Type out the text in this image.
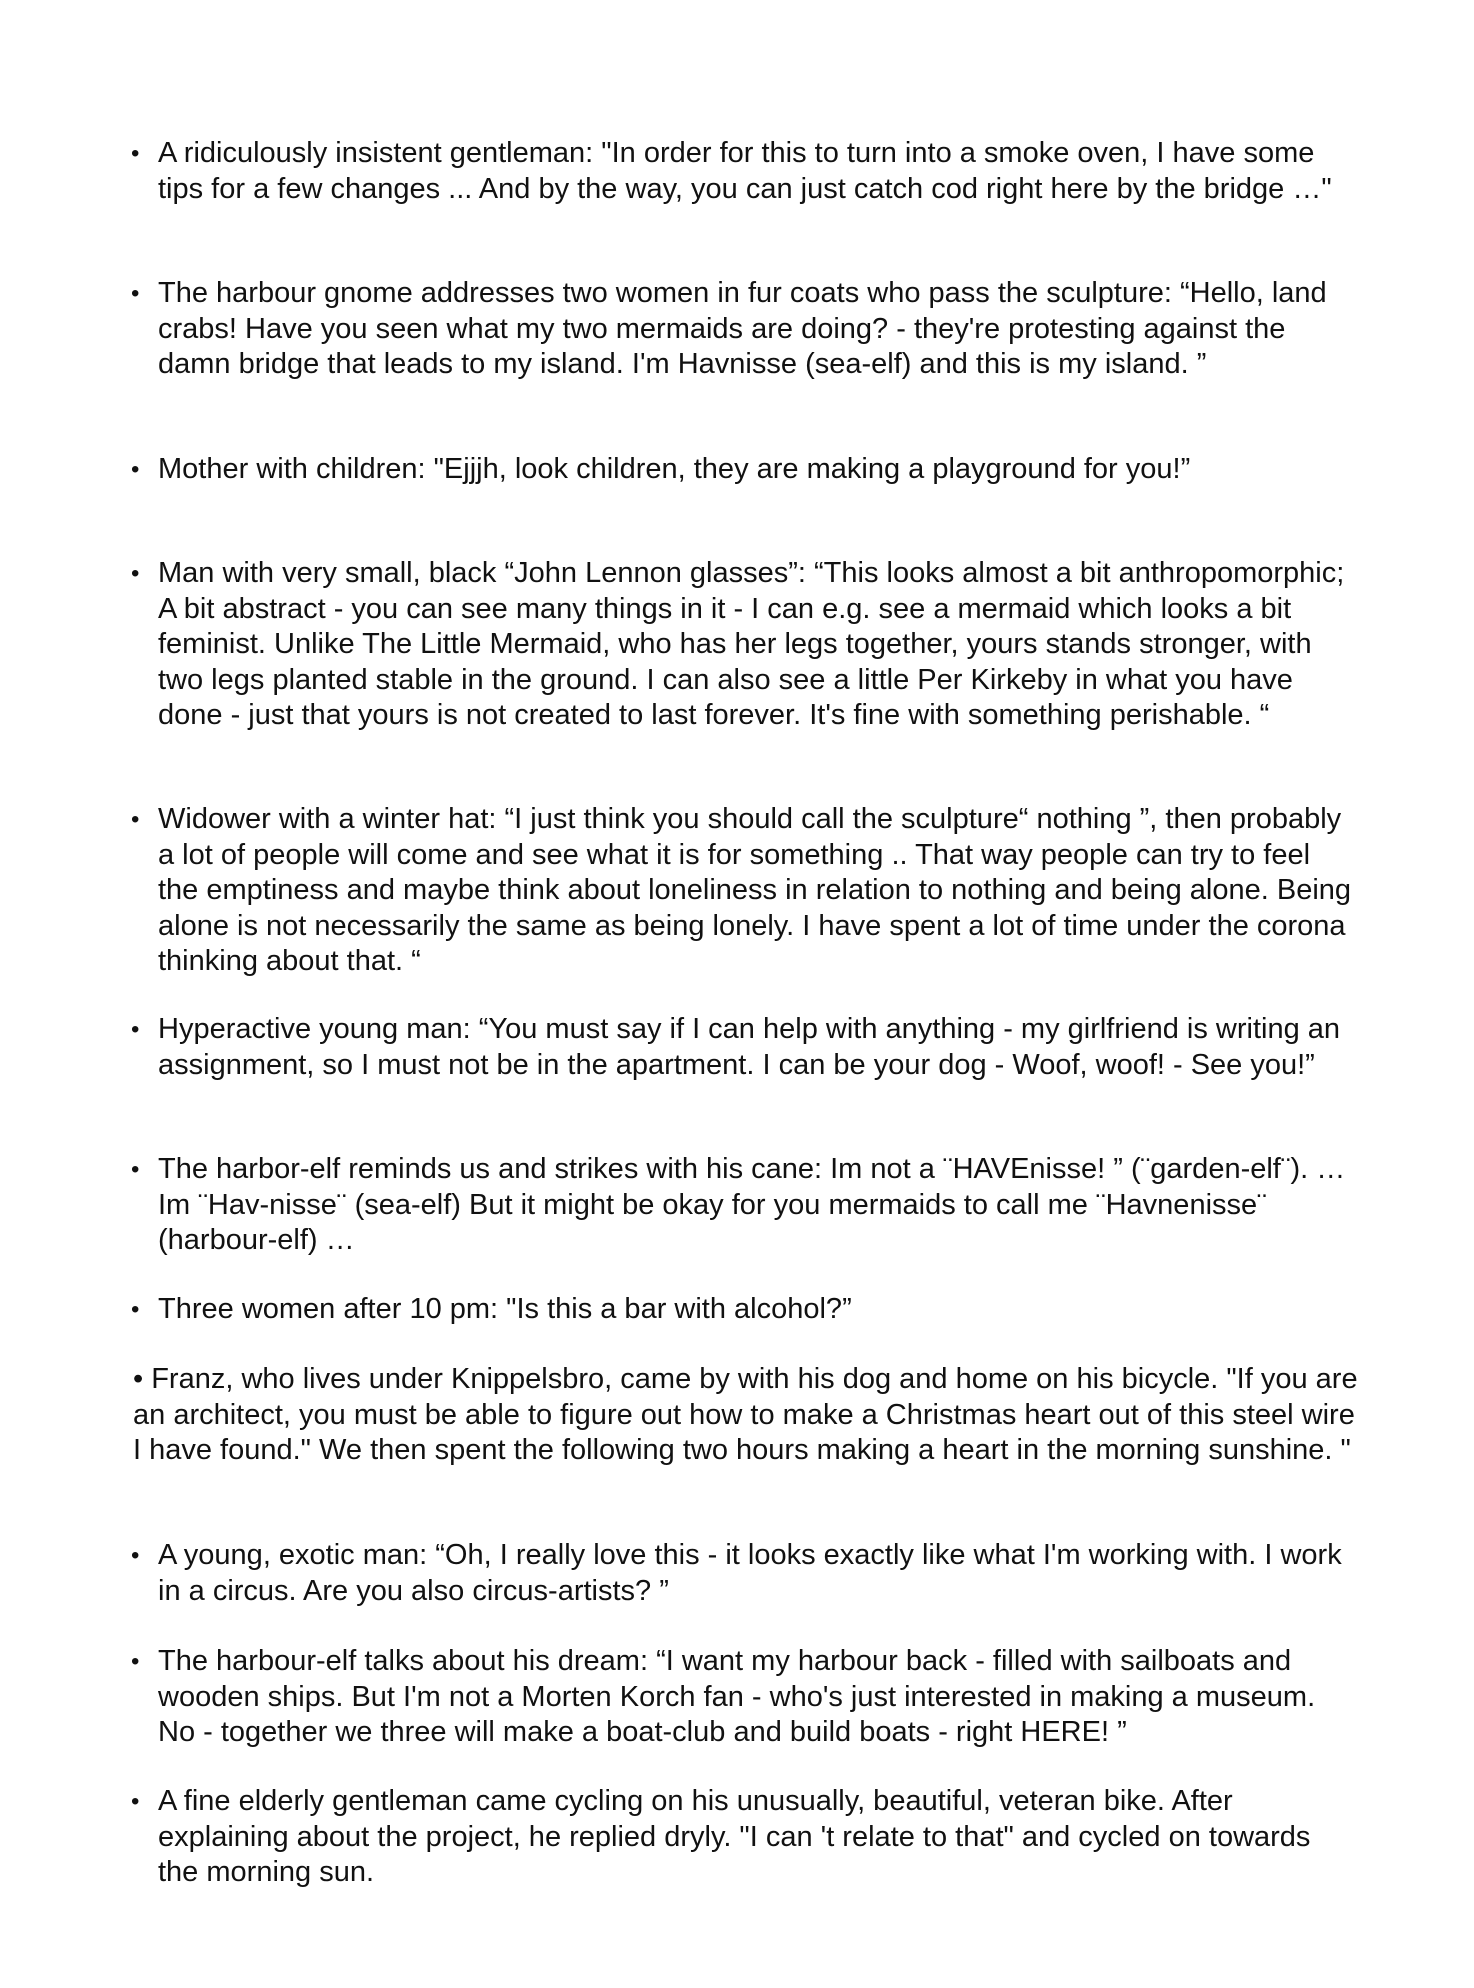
• A ridiculously insistent gentleman: "In order for this to turn into a smoke oven, I have some tips for a few changes ... And by the way, you can just catch cod right here by the bridge …"

• The harbour gnome addresses two women in fur coats who pass the sculpture: “Hello, land crabs! Have you seen what my two mermaids are doing? - they're protesting against the damn bridge that leads to my island. I'm Havnisse (sea-elf) and this is my island. ”

• Mother with children: "Ejjjh, look children, they are making a playground for you!”

• Man with very small, black “John Lennon glasses”: “This looks almost a bit anthropomorphic; A bit abstract - you can see many things in it - I can e.g. see a mermaid which looks a bit feminist. Unlike The Little Mermaid, who has her legs together, yours stands stronger, with two legs planted stable in the ground. I can also see a little Per Kirkeby in what you have done - just that yours is not created to last forever. It's fine with something perishable. “

• Widower with a winter hat: “I just think you should call the sculpture“ nothing ”, then probably a lot of people will come and see what it is for something .. That way people can try to feel the emptiness and maybe think about loneliness in relation to nothing and being alone. Being alone is not necessarily the same as being lonely. I have spent a lot of time under the corona thinking about that. “

• Hyperactive young man: “You must say if I can help with anything - my girlfriend is writing an assignment, so I must not be in the apartment. I can be your dog - Woof, woof! - See you!”

• The harbor-elf reminds us and strikes with his cane: Im not a ¨HAVEnisse! ” (¨garden-elf¨). … Im ¨Hav-nisse¨ (sea-elf) But it might be okay for you mermaids to call me ¨Havnenisse¨ (harbour-elf) …

• Three women after 10 pm: "Is this a bar with alcohol?”

• Franz, who lives under Knippelsbro, came by with his dog and home on his bicycle. "If you are an architect, you must be able to figure out how to make a Christmas heart out of this steel wire I have found." We then spent the following two hours making a heart in the morning sunshine. "

• A young, exotic man: “Oh, I really love this - it looks exactly like what I'm working with. I work in a circus. Are you also circus-artists? ”

• The harbour-elf talks about his dream: “I want my harbour back - filled with sailboats and wooden ships. But I'm not a Morten Korch fan - who's just interested in making a museum. No - together we three will make a boat-club and build boats - right HERE! ”

• A fine elderly gentleman came cycling on his unusually, beautiful, veteran bike. After explaining about the project, he replied dryly. "I can 't relate to that" and cycled on towards the morning sun.
